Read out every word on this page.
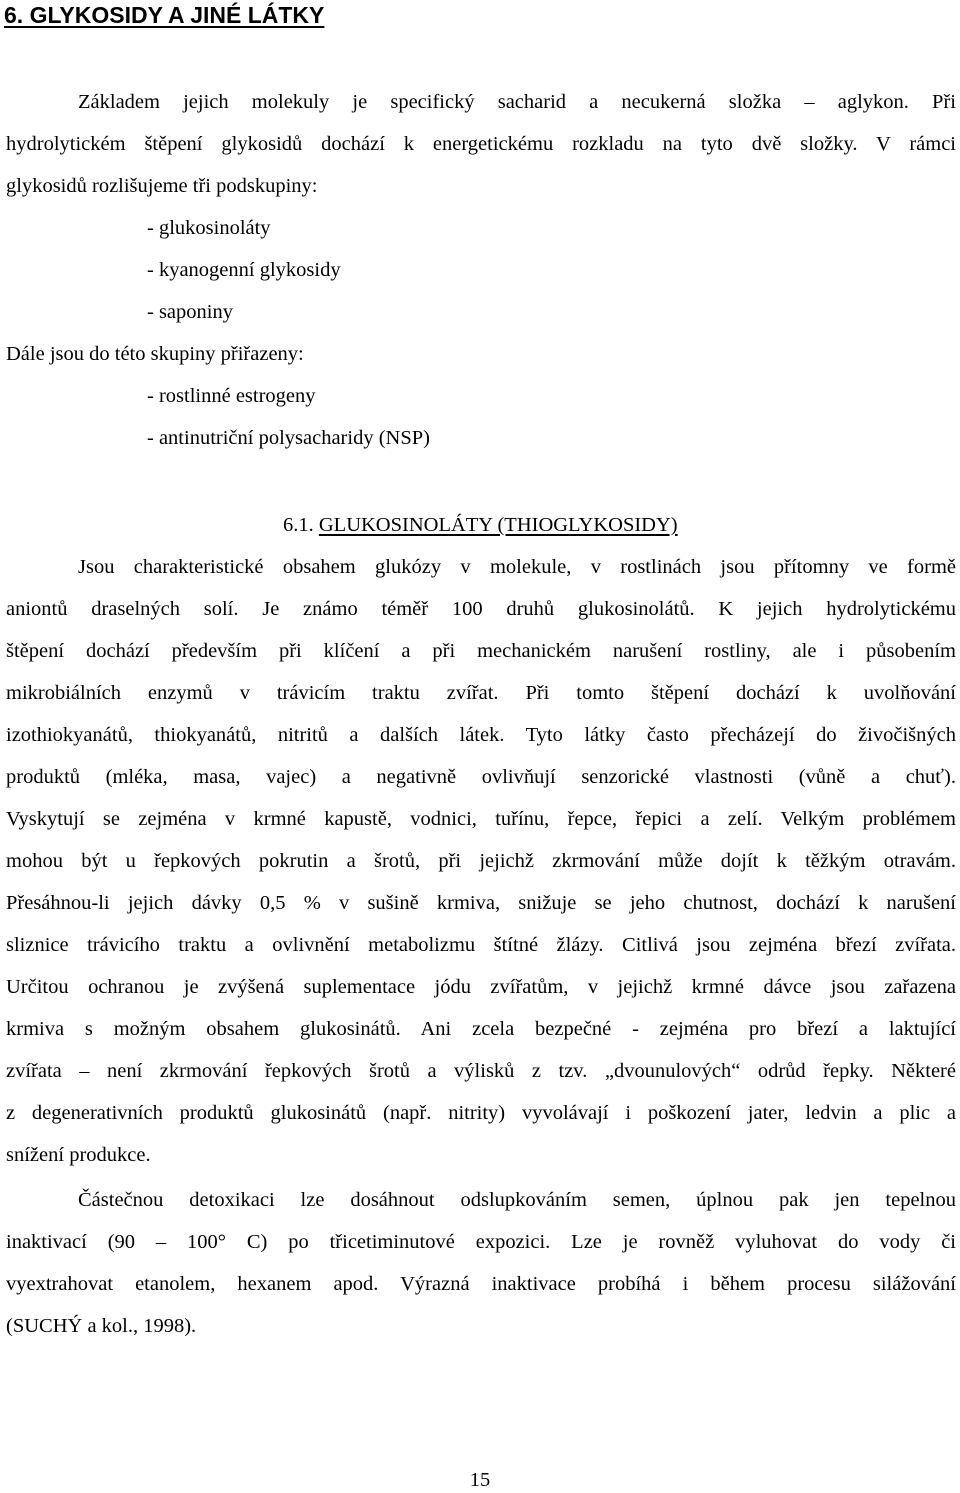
6. GLYKOSIDY A JINÉ LÁTKY

Základem jejich molekuly je specifický sacharid a necukerná složka – aglykon. Při

hydrolytickém štěpení glykosidů dochází k energetickému rozkladu na tyto dvě složky. V rámci

glykosidů rozlišujeme tři podskupiny:

- glukosinoláty

- kyanogenní glykosidy

- saponiny

Dále jsou do této skupiny přiřazeny:

- rostlinné estrogeny

- antinutriční polysacharidy (NSP)

6.1. GLUKOSINOLÁTY (THIOGLYKOSIDY)

Jsou charakteristické obsahem glukózy v molekule, v rostlinách jsou přítomny ve formě

aniontů draselných solí. Je známo téměř 100 druhů glukosinolátů. K jejich hydrolytickému

štěpení dochází především při klíčení a při mechanickém narušení rostliny, ale i působením

mikrobiálních enzymů v trávicím traktu zvířat. Při tomto štěpení dochází k uvolňování

izothiokyanátů, thiokyanátů, nitritů a dalších látek. Tyto látky často přecházejí do živočišných

produktů (mléka, masa, vajec) a negativně ovlivňují senzorické vlastnosti (vůně a chuť).

Vyskytují se zejména v krmné kapustě, vodnici, tuřínu, řepce, řepici a zelí. Velkým problémem

mohou být u řepkových pokrutin a šrotů, při jejichž zkrmování může dojít k těžkým otravám.

Přesáhnou-li jejich dávky 0,5 % v sušině krmiva, snižuje se jeho chutnost, dochází k narušení

sliznice trávicího traktu a ovlivnění metabolizmu štítné žlázy. Citlivá jsou zejména březí zvířata.

Určitou ochranou je zvýšená suplementace jódu zvířatům, v jejichž krmné dávce jsou zařazena

krmiva s možným obsahem glukosinátů. Ani zcela bezpečné - zejména pro březí a laktující

zvířata – není zkrmování řepkových šrotů a výlisků z tzv. „dvounulových“ odrůd řepky. Některé

z degenerativních produktů glukosinátů (např. nitrity) vyvolávají i poškození jater, ledvin a plic a

snížení produkce.

Částečnou detoxikaci lze dosáhnout odslupkováním semen, úplnou pak jen tepelnou

inaktivací (90 – 100° C) po třicetiminutové expozici. Lze je rovněž vyluhovat do vody či

vyextrahovat etanolem, hexanem apod. Výrazná inaktivace probíhá i během procesu silážování

(SUCHÝ a kol., 1998).

15
